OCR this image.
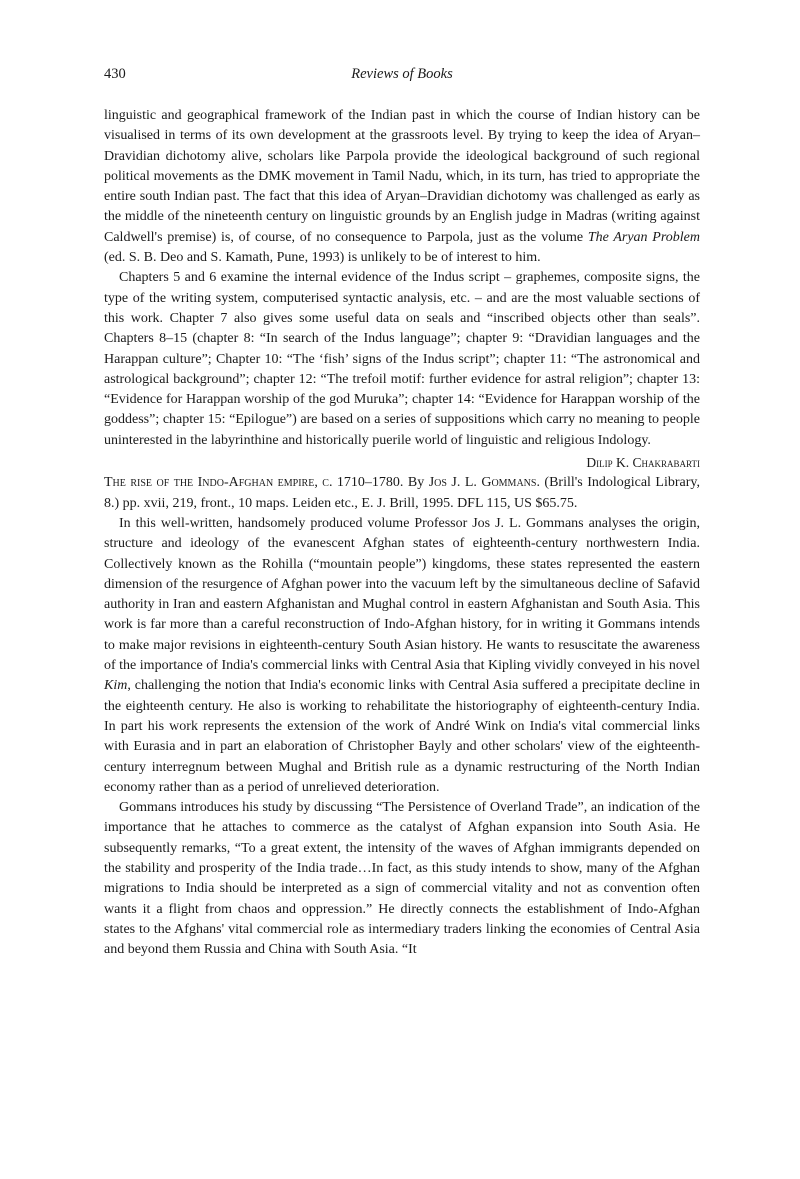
430	Reviews of Books

linguistic and geographical framework of the Indian past in which the course of Indian history can be visualised in terms of its own development at the grassroots level. By trying to keep the idea of Aryan–Dravidian dichotomy alive, scholars like Parpola provide the ideological background of such regional political movements as the DMK movement in Tamil Nadu, which, in its turn, has tried to appropriate the entire south Indian past. The fact that this idea of Aryan–Dravidian dichotomy was challenged as early as the middle of the nineteenth century on linguistic grounds by an English judge in Madras (writing against Caldwell's premise) is, of course, of no consequence to Parpola, just as the volume The Aryan Problem (ed. S. B. Deo and S. Kamath, Pune, 1993) is unlikely to be of interest to him.

Chapters 5 and 6 examine the internal evidence of the Indus script – graphemes, composite signs, the type of the writing system, computerised syntactic analysis, etc. – and are the most valuable sections of this work. Chapter 7 also gives some useful data on seals and “inscribed objects other than seals”. Chapters 8–15 (chapter 8: “In search of the Indus language”; chapter 9: “Dravidian languages and the Harappan culture”; Chapter 10: “The ‘fish’ signs of the Indus script”; chapter 11: “The astronomical and astrological background”; chapter 12: “The trefoil motif: further evidence for astral religion”; chapter 13: “Evidence for Harappan worship of the god Muruka”; chapter 14: “Evidence for Harappan worship of the goddess”; chapter 15: “Epilogue”) are based on a series of suppositions which carry no meaning to people uninterested in the labyrinthine and historically puerile world of linguistic and religious Indology.

Dilip K. Chakrabarti

The rise of the Indo-Afghan empire, c. 1710–1780. By Jos J. L. Gommans. (Brill's Indological Library, 8.) pp. xvii, 219, front., 10 maps. Leiden etc., E. J. Brill, 1995. DFL 115, US $65.75.

In this well-written, handsomely produced volume Professor Jos J. L. Gommans analyses the origin, structure and ideology of the evanescent Afghan states of eighteenth-century northwestern India. Collectively known as the Rohilla (“mountain people”) kingdoms, these states represented the eastern dimension of the resurgence of Afghan power into the vacuum left by the simultaneous decline of Safavid authority in Iran and eastern Afghanistan and Mughal control in eastern Afghanistan and South Asia. This work is far more than a careful reconstruction of Indo-Afghan history, for in writing it Gommans intends to make major revisions in eighteenth-century South Asian history. He wants to resuscitate the awareness of the importance of India's commercial links with Central Asia that Kipling vividly conveyed in his novel Kim, challenging the notion that India's economic links with Central Asia suffered a precipitate decline in the eighteenth century. He also is working to rehabilitate the historiography of eighteenth-century India. In part his work represents the extension of the work of André Wink on India's vital commercial links with Eurasia and in part an elaboration of Christopher Bayly and other scholars' view of the eighteenth-century interregnum between Mughal and British rule as a dynamic restructuring of the North Indian economy rather than as a period of unrelieved deterioration.

Gommans introduces his study by discussing “The Persistence of Overland Trade”, an indication of the importance that he attaches to commerce as the catalyst of Afghan expansion into South Asia. He subsequently remarks, “To a great extent, the intensity of the waves of Afghan immigrants depended on the stability and prosperity of the India trade…In fact, as this study intends to show, many of the Afghan migrations to India should be interpreted as a sign of commercial vitality and not as convention often wants it a flight from chaos and oppression.” He directly connects the establishment of Indo-Afghan states to the Afghans' vital commercial role as intermediary traders linking the economies of Central Asia and beyond them Russia and China with South Asia. “It
